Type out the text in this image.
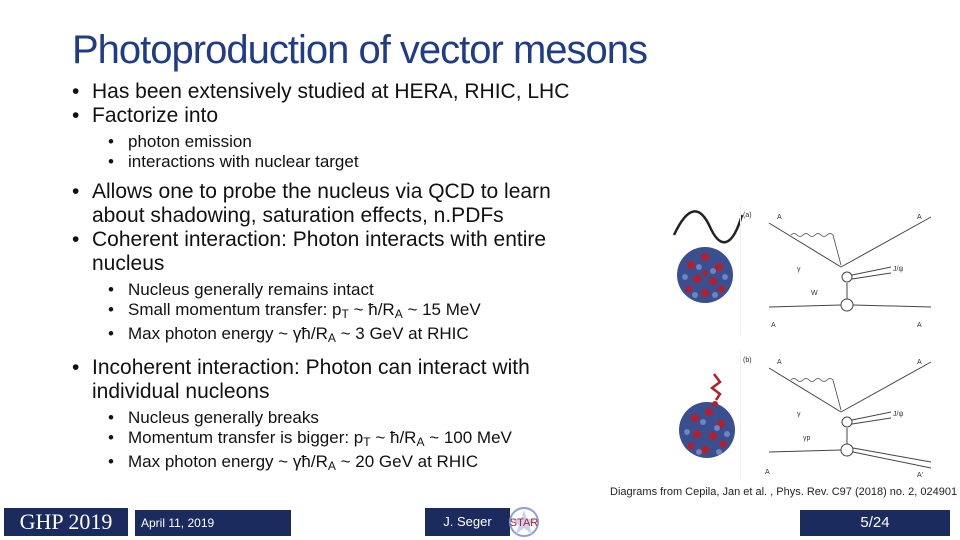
Photoproduction of vector mesons

• Has been extensively studied at HERA, RHIC, LHC

• Factorize into

• photon emission
• interactions with nuclear target
• Allows one to probe the nucleus via QCD to learn
about shadowing, saturation effects, n.PDFs
• Coherent interaction: Photon interacts with entire
nucleus
• Nucleus generally remains intact
• Small momentum transfer: $p_T$ ~ $ħ/R_A$ ~ 15 MeV
• Max photon energy ~ $\gamma ħ/R_A$ ~ 3 GeV at RHIC
• Incoherent interaction: Photon can interact with
individual nucleons
• Nucleus generally breaks
• Momentum transfer is bigger: $p_T$ ~ $ħ/R_A$ ~ 100 MeV
• Max photon energy ~ $\gamma ħ/R_A$ ~ 20 GeV at RHIC
(a)	A	A
γ	J/ψ
W
A	A
(b)	A	A
γ	J/ψ
γp
A	A'
Diagrams from Cepila, Jan et al. , Phys. Rev. C97 (2018) no. 2, 024901
GHP 2019	April 11, 2019	J. Seger	STAR	5/24
